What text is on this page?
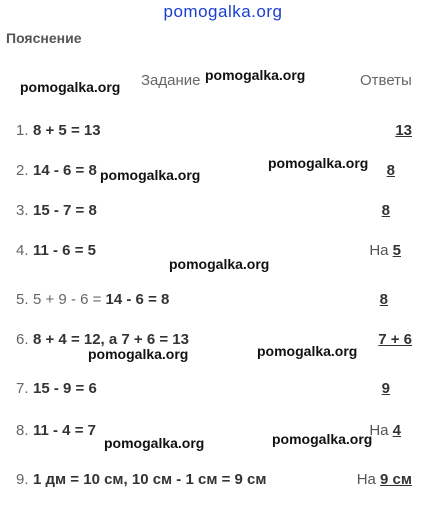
pomogalka.org
Пояснение
Задание	Ответы
1. 8 + 5 = 13	13
2. 14 - 6 = 8	8
3. 15 - 7 = 8	8
4. 11 - 6 = 5	На 5
5. 5 + 9 - 6 = 14 - 6 = 8	8
6. 8 + 4 = 12, а 7 + 6 = 13	7 + 6
7. 15 - 9 = 6	9
8. 11 - 4 = 7	На 4
9. 1 дм = 10 см, 10 см - 1 см = 9 см	На 9 см
pomogalka.org
pomogalka.org
pomogalka.org
pomogalka.org
pomogalka.org
pomogalka.org	pomogalka.org
pomogalka.org	pomogalka.org
